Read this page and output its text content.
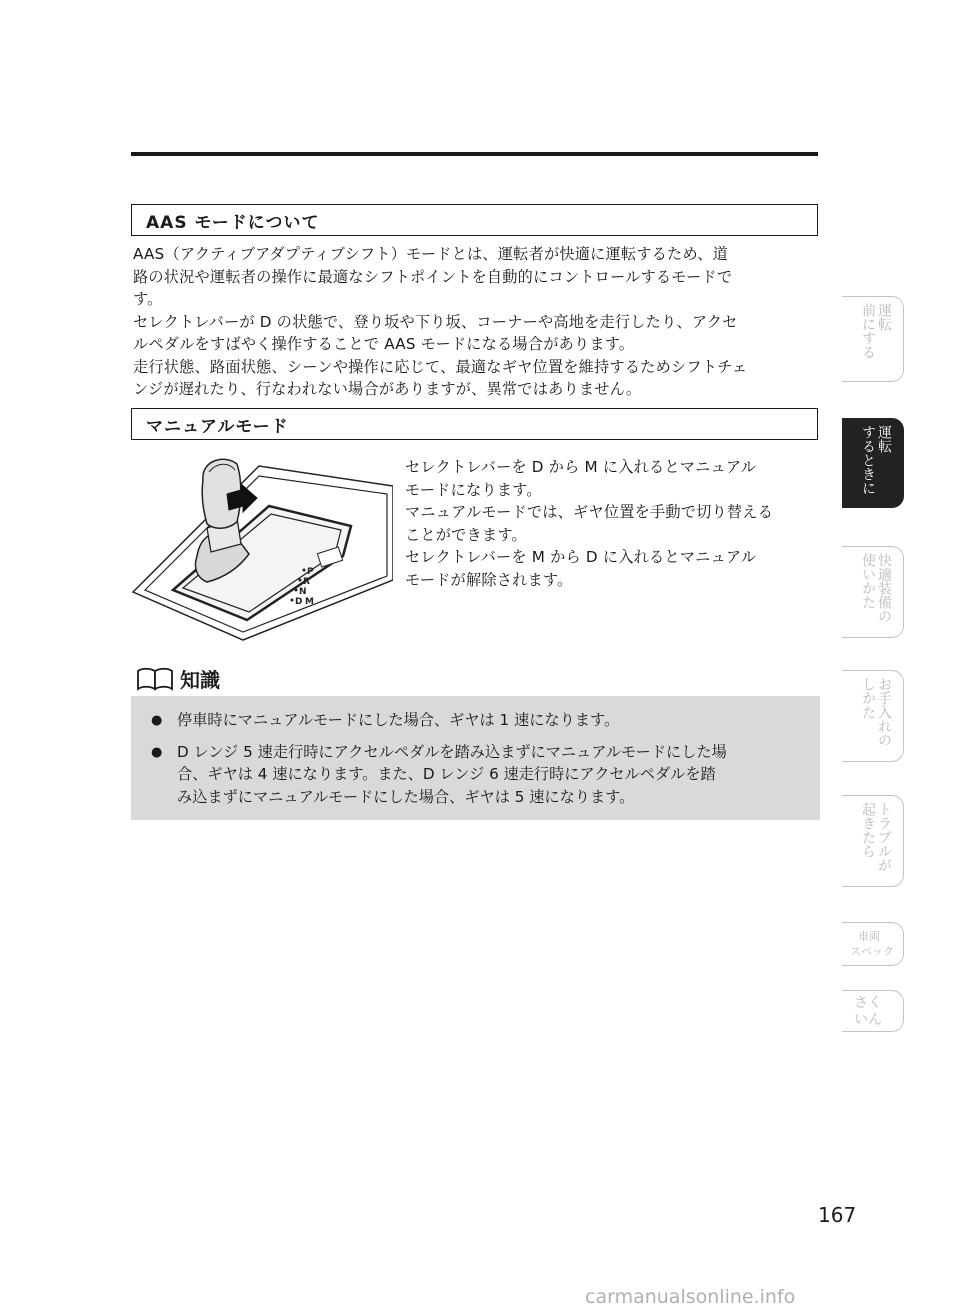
AAS モードについて
AAS（アクティブアダプティブシフト）モードとは、運転者が快適に運転するため、道
路の状況や運転者の操作に最適なシフトポイントを自動的にコントロールするモードで
す。
セレクトレバーが D の状態で、登り坂や下り坂、コーナーや高地を走行したり、アクセ
ルペダルをすばやく操作することで AAS モードになる場合があります。
走行状態、路面状態、シーンや操作に応じて、最適なギヤ位置を維持するためシフトチェ
ンジが遅れたり、行なわれない場合がありますが、異常ではありません。
マニュアルモード
P
R
N
D M
セレクトレバーを D から M に入れるとマニュアル
モードになります。
マニュアルモードでは、ギヤ位置を手動で切り替える
ことができます。
セレクトレバーを M から D に入れるとマニュアル
モードが解除されます。
知識
● 停車時にマニュアルモードにした場合、ギヤは 1 速になります。
● D レンジ 5 速走行時にアクセルペダルを踏み込まずにマニュアルモードにした場
合、ギヤは 4 速になります。また、D レンジ 6 速走行時にアクセルペダルを踏
み込まずにマニュアルモードにした場合、ギヤは 5 速になります。
運転
前にする
運転
するときに
快適装備の
使いかた
お手入れの
しかた
トラブルが
起きたら
車両
スペック
さく
いん
167
carmanualsonline.info
